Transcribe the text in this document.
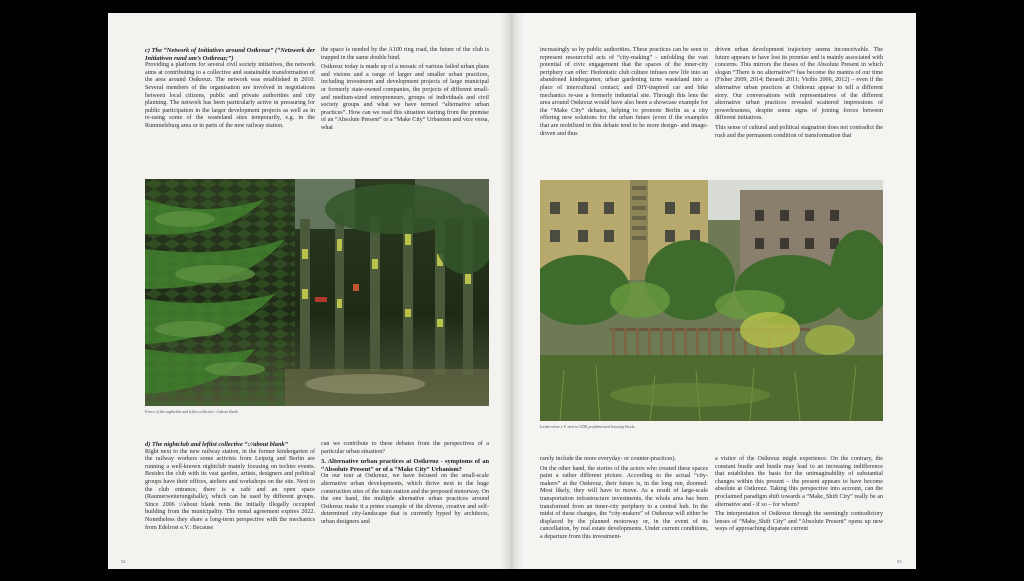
c) The “Network of Initiatives around Ostkreuz” (“Netzwerk der Initiativen rund um’s Ostkreuz;”)

Providing a platform for several civil society initiatives, the network aims at contributing to a collective and sustainable transformation of the area around Ostkreuz. The network was established in 2010. Several members of the organisation are involved in negotiations between local citizens, public and private authorities and city planning. The network has been particularly active in pressuring for public participation in the larger development projects as well as in re-using some of the wasteland sites temporarily, e.g. in the Rummelsburg area or in parts of the new railway station.

the space is needed by the A100 ring road, the future of the club is trapped in the same double bind.

Ostkreuz today is made up of a mosaic of various failed urban plans and visions and a range of larger and smaller urban practices, including investment and development projects of large municipal or formerly state-owned companies, the projects of different small- and medium-sized entrepreneurs, groups of individuals and civil society groups and what we have termed “alternative urban practices”. How can we read this situation starting from the premise of an “Absolute Present” or a “Make City” Urbanism and vice versa, what

Fence of the nightclub and leftist collective ://about blank
d) The nightclub and leftist collective “://about blank”

Right next to the new railway station, in the former kindergarten of the railway workers some activists from Leipzig and Berlin are running a well-known nightclub mainly focusing on techno events. Besides the club with its vast garden, artists, designers and political groups have their offices, ateliers and workshops on the site. Next to the club entrance, there is a café and an open space (Raumerweiterungshalle), which can be used by different groups. Since 2006 ://about blank rents the initially illegally occupied building from the municipality. The rental agreement expires 2022. Nonetheless they share a long-term perspective with the mechanics from Edelrost e.V.: Because

can we contribute to these debates from the perspectives of a particular urban situation?

3. Alternative urban practices at Ostkreuz - symptoms of an “Absolute Present” or of a “Make City” Urbanism?

On our tour at Ostkreuz, we have focused on the small-scale alternative urban developments, which thrive next to the huge construction sites of the train station and the proposed motorway. On the one hand, the multiple alternative urban practices around Ostkreuz make it a prime example of the diverse, creative and self-determined city-landscape that is currently hyped by architects, urban designers and

52

increasingly so by public authorities. These practices can be seen to represent resourceful acts of “city-making” - unfolding the vast potential of civic engagement that the spaces of the inner-city periphery can offer: Hedonistic club culture infuses new life into an abandoned kindergarten; urban gardening turns wasteland into a place of intercultural contact; and DIY-inspired car and bike mechanics re-use a formerly industrial site. Through this lens the area around Ostkreuz would have also been a showcase example for the “Make City” debates, helping to promote Berlin as a city offering new solutions for the urban future (even if the examples that are mobilized in this debate tend to be more design- and image-driven and thus

driven urban development trajectory seems inconceivable. The future appears to have lost its promise and is mainly associated with concerns. This mirrors the theses of the Absolute Present in which slogan “There is no alternative”¹ has become the mantra of our time (Fisher 2009, 2014; Berardi 2011; Virilio 2006, 2012) – even if the alternative urban practices at Ostkreuz appear to tell a different story. Our conversations with representatives of the different alternative urban practices revealed scattered impressions of powerlessness, despite some signs of joining forces between different initiatives.

This sense of cultural and political stagnation does not contradict the rush and the permanent condition of transformation that

Laskerwiese e.V. next to GDR prefabricated housing blocks

rarely include the more everyday- or counter-practices).

On the other hand, the stories of the actors who created these spaces paint a rather different picture. According to the actual “city-makers” at the Ostkreuz, their future is, in the long run, doomed: Most likely, they will have to move. As a result of large-scale transportation infrastructure investments, the whole area has been transformed from an inner-city periphery to a central hub. In the midst of these changes, the “city-makers” of Ostkreuz will either be displaced by the planned motorway or, in the event of its cancellation, by real estate developments. Under current conditions, a departure from this investment-

a visitor of the Ostkreuz might experience. On the contrary, the constant bustle and bustle may lead to an increasing indifference that establishes the basis for the unimaginability of substantial changes within this present – the present appears to have become absolute at Ostkreuz. Taking this perspective into account, can the proclaimed paradigm shift towards a “Make_Shift City” really be an alternative and - if so – for whom?

The interpretation of Ostkreuz through the seemingly contradictory lenses of “Make_Shift City” and “Absolute Present” opens up new ways of approaching disparate current

53
